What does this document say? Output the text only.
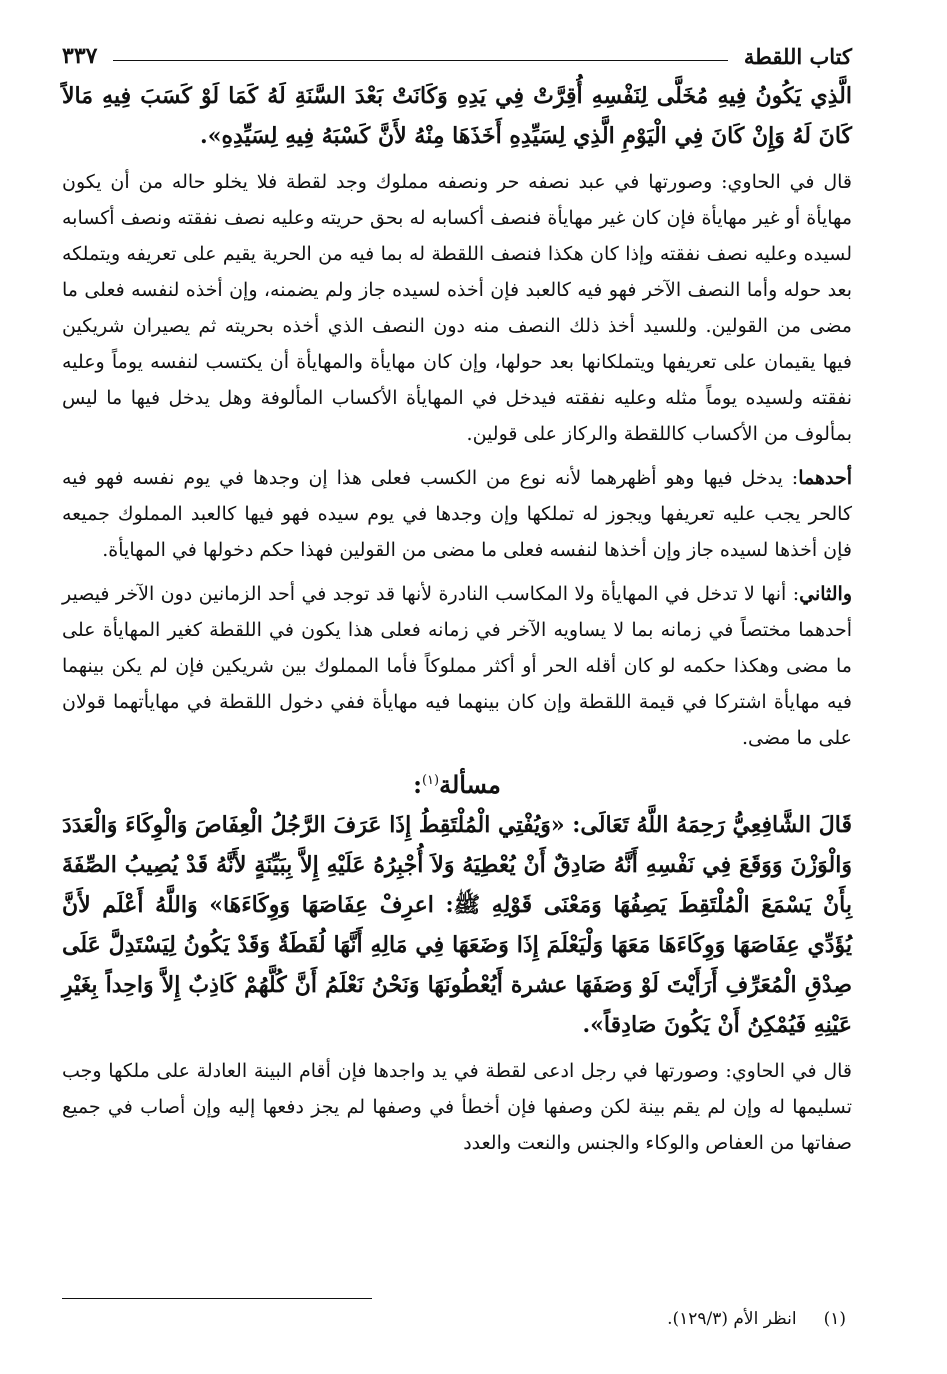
كتاب اللقطة
٣٣٧

الَّذِي يَكُونُ فِيهِ مُخَلَّى لِنَفْسِهِ أُقِرَّتْ فِي يَدِهِ وَكَانَتْ بَعْدَ السَّنَةِ لَهُ كَمَا لَوْ كَسَبَ فِيهِ مَالاً كَانَ لَهُ وَإِنْ كَانَ فِي الْيَوْمِ الَّذِي لِسَيِّدِهِ أَخَذَهَا مِنْهُ لأَنَّ كَسْبَهُ فِيهِ لِسَيِّدِهِ».

قال في الحاوي: وصورتها في عبد نصفه حر ونصفه مملوك وجد لقطة فلا يخلو حاله من أن يكون مهايأة أو غير مهايأة فإن كان غير مهايأة فنصف أكسابه له بحق حريته وعليه نصف نفقته ونصف أكسابه لسيده وعليه نصف نفقته وإذا كان هكذا فنصف اللقطة له بما فيه من الحرية يقيم على تعريفه ويتملكه بعد حوله وأما النصف الآخر فهو فيه كالعبد فإن أخذه لسيده جاز ولم يضمنه، وإن أخذه لنفسه فعلى ما مضى من القولين. وللسيد أخذ ذلك النصف منه دون النصف الذي أخذه بحريته ثم يصيران شريكين فيها يقيمان على تعريفها ويتملكانها بعد حولها، وإن كان مهايأة والمهايأة أن يكتسب لنفسه يوماً وعليه نفقته ولسيده يوماً مثله وعليه نفقته فيدخل في المهايأة الأكساب المألوفة وهل يدخل فيها ما ليس بمألوف من الأكساب كاللقطة والركاز على قولين.

أحدهما: يدخل فيها وهو أظهرهما لأنه نوع من الكسب فعلى هذا إن وجدها في يوم نفسه فهو فيه كالحر يجب عليه تعريفها ويجوز له تملكها وإن وجدها في يوم سيده فهو فيها كالعبد المملوك جميعه فإن أخذها لسيده جاز وإن أخذها لنفسه فعلى ما مضى من القولين فهذا حكم دخولها في المهايأة.

والثاني: أنها لا تدخل في المهايأة ولا المكاسب النادرة لأنها قد توجد في أحد الزمانين دون الآخر فيصير أحدهما مختصاً في زمانه بما لا يساويه الآخر في زمانه فعلى هذا يكون في اللقطة كغير المهايأة على ما مضى وهكذا حكمه لو كان أقله الحر أو أكثر مملوكاً فأما المملوك بين شريكين فإن لم يكن بينهما فيه مهايأة اشتركا في قيمة اللقطة وإن كان بينهما فيه مهايأة ففي دخول اللقطة في مهايأتهما قولان على ما مضى.

مسألة$^{(١)}$:

قَالَ الشَّافِعِيُّ رَحِمَهُ اللَّهُ تَعَالَى: «وَيُفْتِي الْمُلْتَقِطُ إِذَا عَرَفَ الرَّجُلُ الْعِفَاصَ وَالْوِكَاءَ وَالْعَدَدَ وَالْوَزْنَ وَوَقَعَ فِي نَفْسِهِ أَنَّهُ صَادِقٌ أَنْ يُعْطِيَهُ وَلاَ أُجْبِرُهُ عَلَيْهِ إِلاَّ بِبَيِّنَةٍ لأَنَّهُ قَدْ يُصِيبُ الصِّفَةَ بِأَنْ يَسْمَعَ الْمُلْتَقِطَ يَصِفُهَا وَمَعْنَى قَوْلِهِ ﷺ: اعرِفْ عِفَاصَهَا وَوِكَاءَهَا» وَاللَّهُ أَعْلَم لأَنَّ يُؤَدِّي عِفَاصَهَا وَوِكَاءَهَا مَعَهَا وَلْيَعْلَمَ إِذَا وَضَعَهَا فِي مَالِهِ أَنَّهَا لُقَطَةٌ وَقَدْ يَكُونُ لِيَسْتَدِلَّ عَلَى صِدْقِ الْمُعَرِّفِ أَرَأَيْتَ لَوْ وَصَفَهَا عشرة أَيُعْطُونَهَا وَنَحْنُ نَعْلَمُ أَنَّ كُلَّهُمْ كَاذِبٌ إِلاَّ وَاحِداً بِغَيْرِ عَيْنِهِ فَيُمْكِنُ أَنْ يَكُونَ صَادِقاً».

قال في الحاوي: وصورتها في رجل ادعى لقطة في يد واجدها فإن أقام البينة العادلة على ملكها وجب تسليمها له وإن لم يقم بينة لكن وصفها فإن أخطأ في وصفها لم يجز دفعها إليه وإن أصاب في جميع صفاتها من العفاص والوكاء والجنس والنعت والعدد

(١)     انظر الأم (١٢٩/٣).
